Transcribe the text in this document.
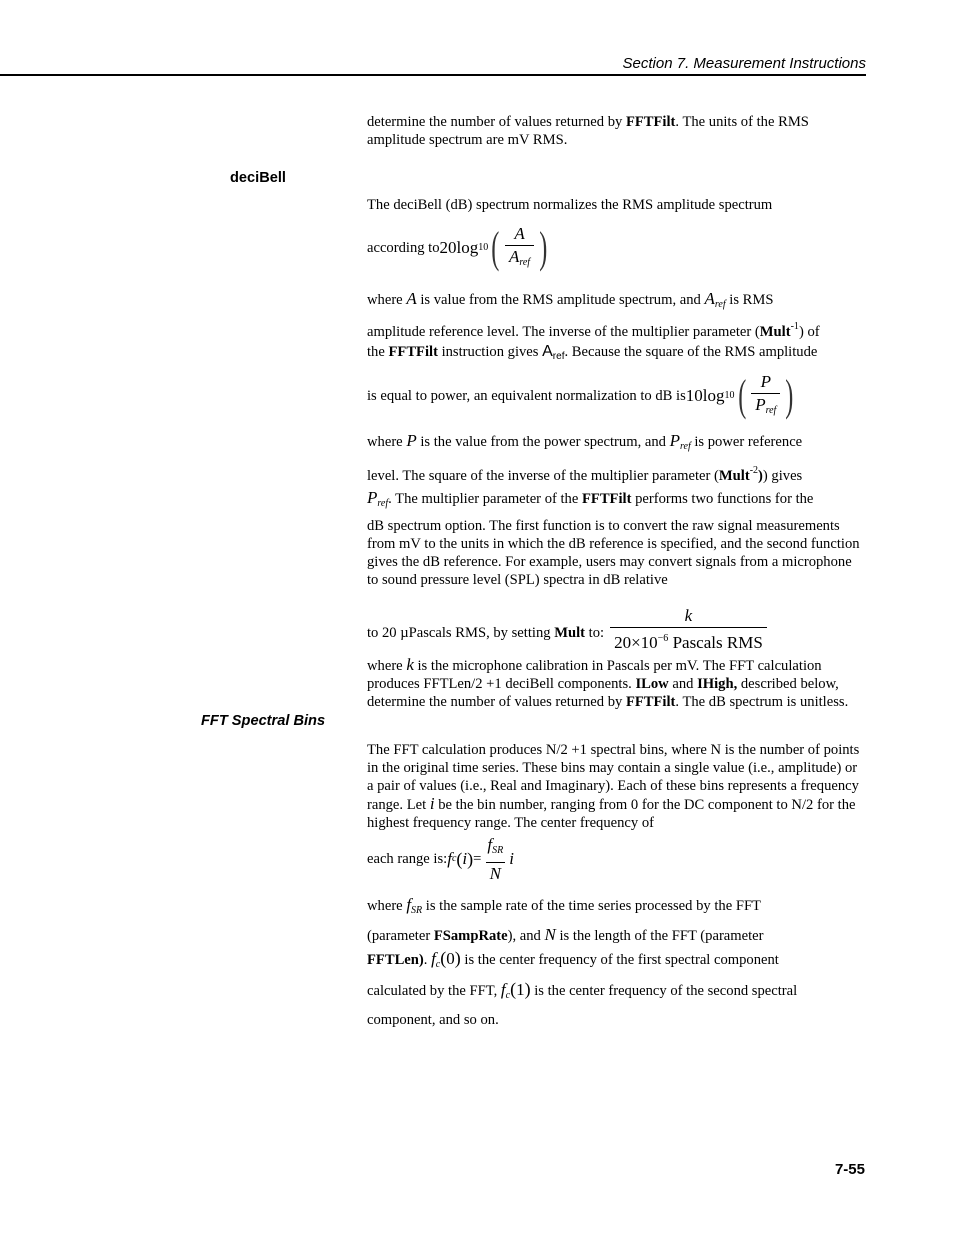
Section 7. Measurement Instructions

determine the number of values returned by FFTFilt. The units of the RMS amplitude spectrum are mV RMS.

deciBell

The deciBell (dB) spectrum normalizes the RMS amplitude spectrum

according to 20log 10 ( $\frac{A}{A_{ref}}$ )

where A is value from the RMS amplitude spectrum, and $A_{ref}$ is RMS

amplitude reference level. The inverse of the multiplier parameter (Mult$^{-1}$) of

the FFTFilt instruction gives $A_{ref}$. Because the square of the RMS amplitude

is equal to power, an equivalent normalization to dB is 10log 10 ( $\frac{P}{P_{ref}}$ )

where P is the value from the power spectrum, and $P_{ref}$ is power reference

level. The square of the inverse of the multiplier parameter (Mult$^{-2}$)) gives

$P_{ref}$. The multiplier parameter of the FFTFilt performs two functions for the

dB spectrum option. The first function is to convert the raw signal measurements from mV to the units in which the dB reference is specified, and the second function gives the dB reference. For example, users may convert signals from a microphone to sound pressure level (SPL) spectra in dB relative

to 20 µPascals RMS, by setting Mult to: $\frac{k}{20\times 10^{-6} Pascals RMS}$

where k is the microphone calibration in Pascals per mV. The FFT calculation produces FFTLen/2 +1 deciBell components. ILow and IHigh, described below, determine the number of values returned by FFTFilt. The dB spectrum is unitless.

FFT Spectral Bins

The FFT calculation produces N/2 +1 spectral bins, where N is the number of points in the original time series. These bins may contain a single value (i.e., amplitude) or a pair of values (i.e., Real and Imaginary). Each of these bins represents a frequency range. Let i be the bin number, ranging from 0 for the DC component to N/2 for the highest frequency range. The center frequency of

each range is: f c ( i ) = $\frac{f_{SR}}{N}$ i

where $f_{SR}$ is the sample rate of the time series processed by the FFT

(parameter FSampRate), and N is the length of the FFT (parameter

FFTLen). $f_c(0)$ is the center frequency of the first spectral component

calculated by the FFT, $f_c(1)$ is the center frequency of the second spectral

component, and so on.

7-55
